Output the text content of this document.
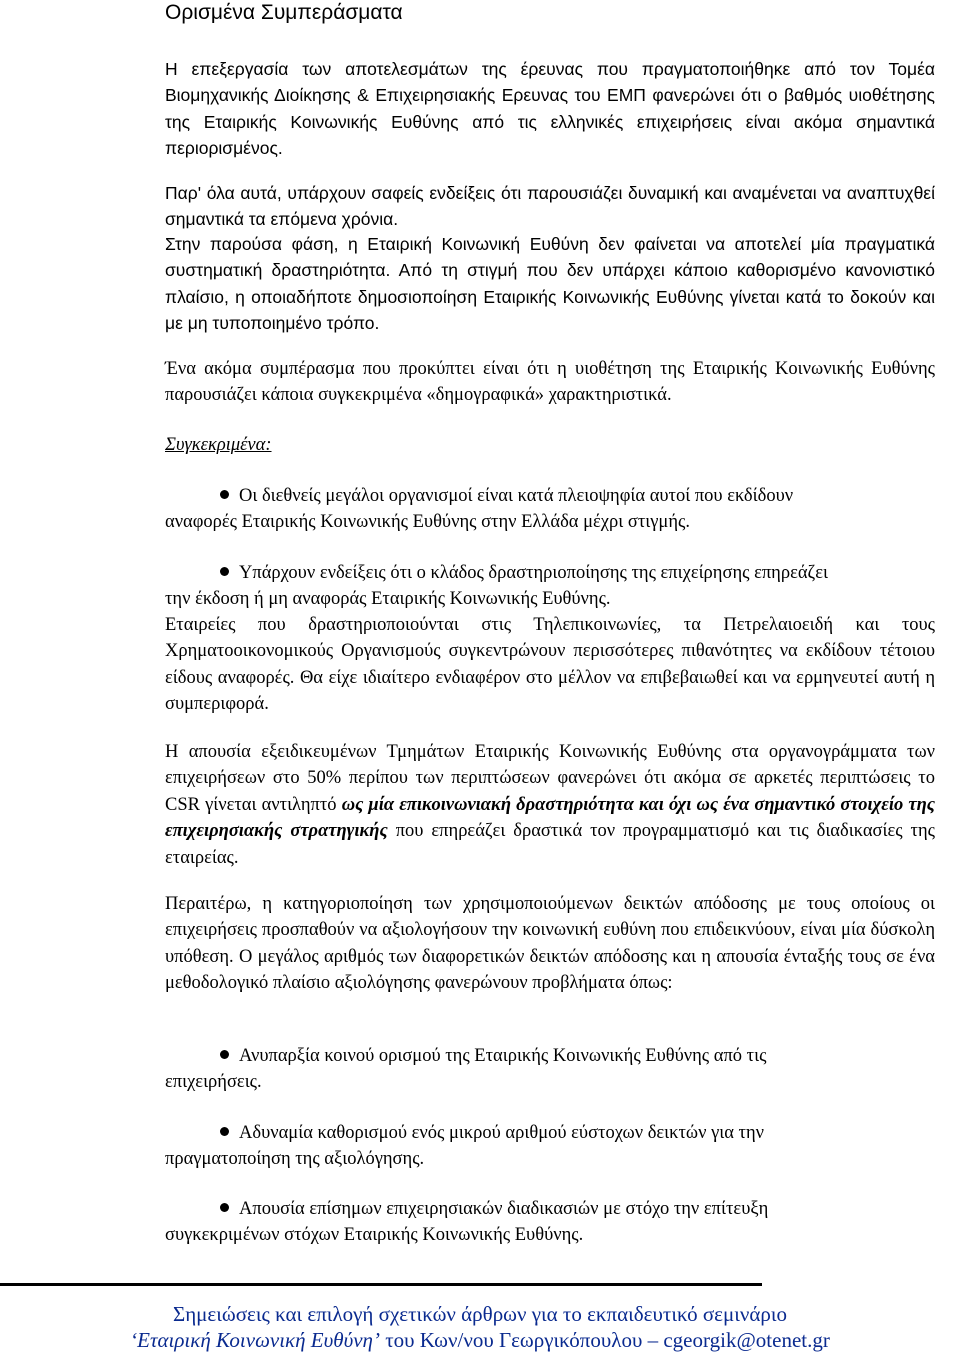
Ορισμένα Συμπεράσματα

Η επεξεργασία των αποτελεσμάτων της έρευνας που πραγματοποιήθηκε από τον Τομέα Βιομηχανικής Διοίκησης & Επιχειρησιακής Ερευνας του ΕΜΠ φανερώνει ότι ο βαθμός υιοθέτησης της Εταιρικής Κοινωνικής Ευθύνης από τις ελληνικές επιχειρήσεις είναι ακόμα σημαντικά περιορισμένος.

Παρ' όλα αυτά, υπάρχουν σαφείς ενδείξεις ότι παρουσιάζει δυναμική και αναμένεται να αναπτυχθεί σημαντικά τα επόμενα χρόνια.

Στην παρούσα φάση, η Εταιρική Κοινωνική Ευθύνη δεν φαίνεται να αποτελεί μία πραγματικά συστηματική δραστηριότητα. Από τη στιγμή που δεν υπάρχει κάποιο καθορισμένο κανονιστικό πλαίσιο, η οποιαδήποτε δημοσιοποίηση Εταιρικής Κοινωνικής Ευθύνης γίνεται κατά το δοκούν και με μη τυποποιημένο τρόπο.

Ένα ακόμα συμπέρασμα που προκύπτει είναι ότι η υιοθέτηση της Εταιρικής Κοινωνικής Ευθύνης παρουσιάζει κάποια συγκεκριμένα «δημογραφικά» χαρακτηριστικά.

Συγκεκριμένα:

Οι διεθνείς μεγάλοι οργανισμοί είναι κατά πλειοψηφία αυτοί που εκδίδουν
αναφορές Εταιρικής Κοινωνικής Ευθύνης στην Ελλάδα μέχρι στιγμής.

Υπάρχουν ενδείξεις ότι ο κλάδος δραστηριοποίησης της επιχείρησης επηρεάζει
την έκδοση ή μη αναφοράς Εταιρικής Κοινωνικής Ευθύνης.

Εταιρείες που δραστηριοποιούνται στις Τηλεπικοινωνίες, τα Πετρελαιοειδή και τους Χρηματοοικονομικούς Οργανισμούς συγκεντρώνουν περισσότερες πιθανότητες να εκδίδουν τέτοιου είδους αναφορές. Θα είχε ιδιαίτερο ενδιαφέρον στο μέλλον να επιβεβαιωθεί και να ερμηνευτεί αυτή η συμπεριφορά.

Η απουσία εξειδικευμένων Τμημάτων Εταιρικής Κοινωνικής Ευθύνης στα οργανογράμματα των επιχειρήσεων στο 50% περίπου των περιπτώσεων φανερώνει ότι ακόμα σε αρκετές περιπτώσεις το CSR γίνεται αντιληπτό ως μία επικοινωνιακή δραστηριότητα και όχι ως ένα σημαντικό στοιχείο της επιχειρησιακής στρατηγικής που επηρεάζει δραστικά τον προγραμματισμό και τις διαδικασίες της εταιρείας.

Περαιτέρω, η κατηγοριοποίηση των χρησιμοποιούμενων δεικτών απόδοσης με τους οποίους οι επιχειρήσεις προσπαθούν να αξιολογήσουν την κοινωνική ευθύνη που επιδεικνύουν, είναι μία δύσκολη υπόθεση. Ο μεγάλος αριθμός των διαφορετικών δεικτών απόδοσης και η απουσία ένταξής τους σε ένα μεθοδολογικό πλαίσιο αξιολόγησης φανερώνουν προβλήματα όπως:

Ανυπαρξία κοινού ορισμού της Εταιρικής Κοινωνικής Ευθύνης από τις
επιχειρήσεις.

Αδυναμία καθορισμού ενός μικρού αριθμού εύστοχων δεικτών για την
πραγματοποίηση της αξιολόγησης.

Απουσία επίσημων επιχειρησιακών διαδικασιών με στόχο την επίτευξη
συγκεκριμένων στόχων Εταιρικής Κοινωνικής Ευθύνης.

Σημειώσεις και επιλογή σχετικών άρθρων για το εκπαιδευτικό σεμινάριο
‘Εταιρική Κοινωνική Ευθύνη’ του Κων/νου Γεωργικόπουλου – cgeorgik@otenet.gr
